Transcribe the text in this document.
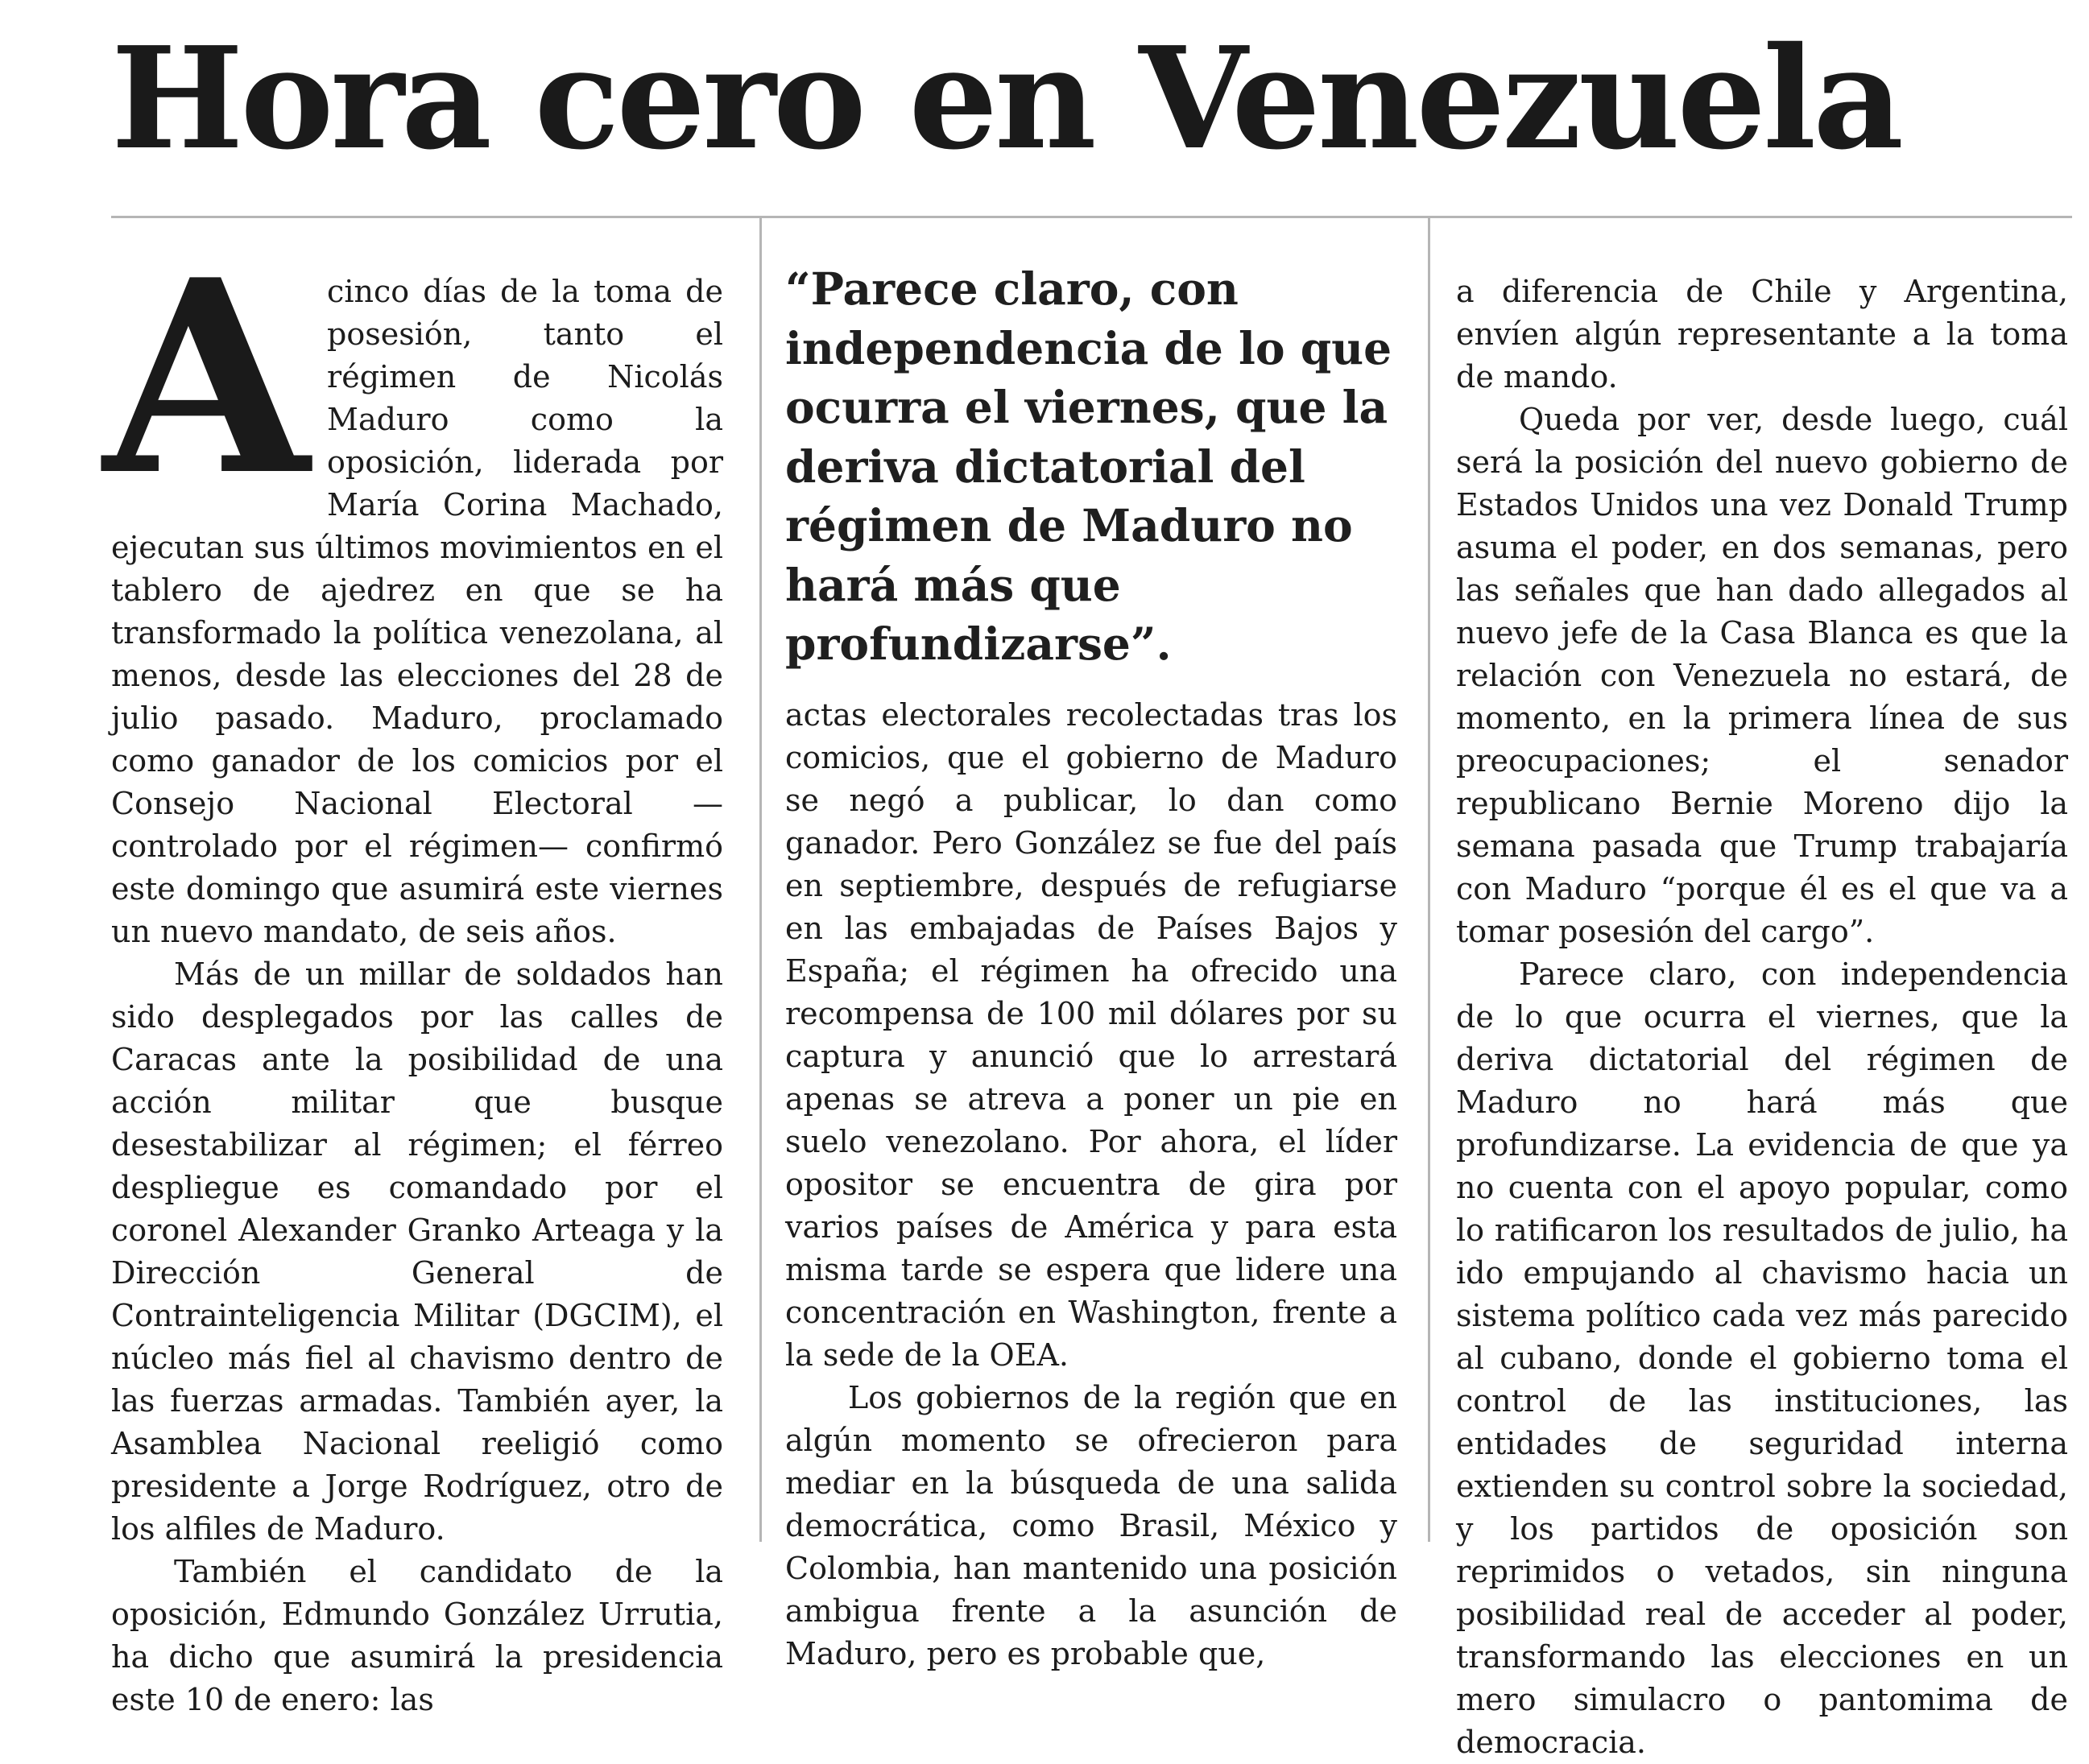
Hora cero en Venezuela
A cinco días de la toma de posesión, tanto el régimen de Nicolás Maduro como la oposición, liderada por María Corina Machado, ejecutan sus últimos movimientos en el tablero de ajedrez en que se ha transformado la política venezolana, al menos, desde las elecciones del 28 de julio pasado. Maduro, proclamado como ganador de los comicios por el Consejo Nacional Electoral —controlado por el régimen— confirmó este domingo que asumirá este viernes un nuevo mandato, de seis años.

Más de un millar de soldados han sido desplegados por las calles de Caracas ante la posibilidad de una acción militar que busque desestabilizar al régimen; el férreo despliegue es comandado por el coronel Alexander Granko Arteaga y la Dirección General de Contrainteligencia Militar (DGCIM), el núcleo más fiel al chavismo dentro de las fuerzas armadas. También ayer, la Asamblea Nacional reeligió como presidente a Jorge Rodríguez, otro de los alfiles de Maduro.

También el candidato de la oposición, Edmundo González Urrutia, ha dicho que asumirá la presidencia este 10 de enero: las

“Parece claro, con independencia de lo que ocurra el viernes, que la deriva dictatorial del régimen de Maduro no hará más que profundizarse”.

actas electorales recolectadas tras los comicios, que el gobierno de Maduro se negó a publicar, lo dan como ganador. Pero González se fue del país en septiembre, después de refugiarse en las embajadas de Países Bajos y España; el régimen ha ofrecido una recompensa de 100 mil dólares por su captura y anunció que lo arrestará apenas se atreva a poner un pie en suelo venezolano. Por ahora, el líder opositor se encuentra de gira por varios países de América y para esta misma tarde se espera que lidere una concentración en Washington, frente a la sede de la OEA.

Los gobiernos de la región que en algún momento se ofrecieron para mediar en la búsqueda de una salida democrática, como Brasil, México y Colombia, han mantenido una posición ambigua frente a la asunción de Maduro, pero es probable que,

a diferencia de Chile y Argentina, envíen algún representante a la toma de mando.

Queda por ver, desde luego, cuál será la posición del nuevo gobierno de Estados Unidos una vez Donald Trump asuma el poder, en dos semanas, pero las señales que han dado allegados al nuevo jefe de la Casa Blanca es que la relación con Venezuela no estará, de momento, en la primera línea de sus preocupaciones; el senador republicano Bernie Moreno dijo la semana pasada que Trump trabajaría con Maduro “porque él es el que va a tomar posesión del cargo”.

Parece claro, con independencia de lo que ocurra el viernes, que la deriva dictatorial del régimen de Maduro no hará más que profundizarse. La evidencia de que ya no cuenta con el apoyo popular, como lo ratificaron los resultados de julio, ha ido empujando al chavismo hacia un sistema político cada vez más parecido al cubano, donde el gobierno toma el control de las instituciones, las entidades de seguridad interna extienden su control sobre la sociedad, y los partidos de oposición son reprimidos o vetados, sin ninguna posibilidad real de acceder al poder, transformando las elecciones en un mero simulacro o pantomima de democracia.
